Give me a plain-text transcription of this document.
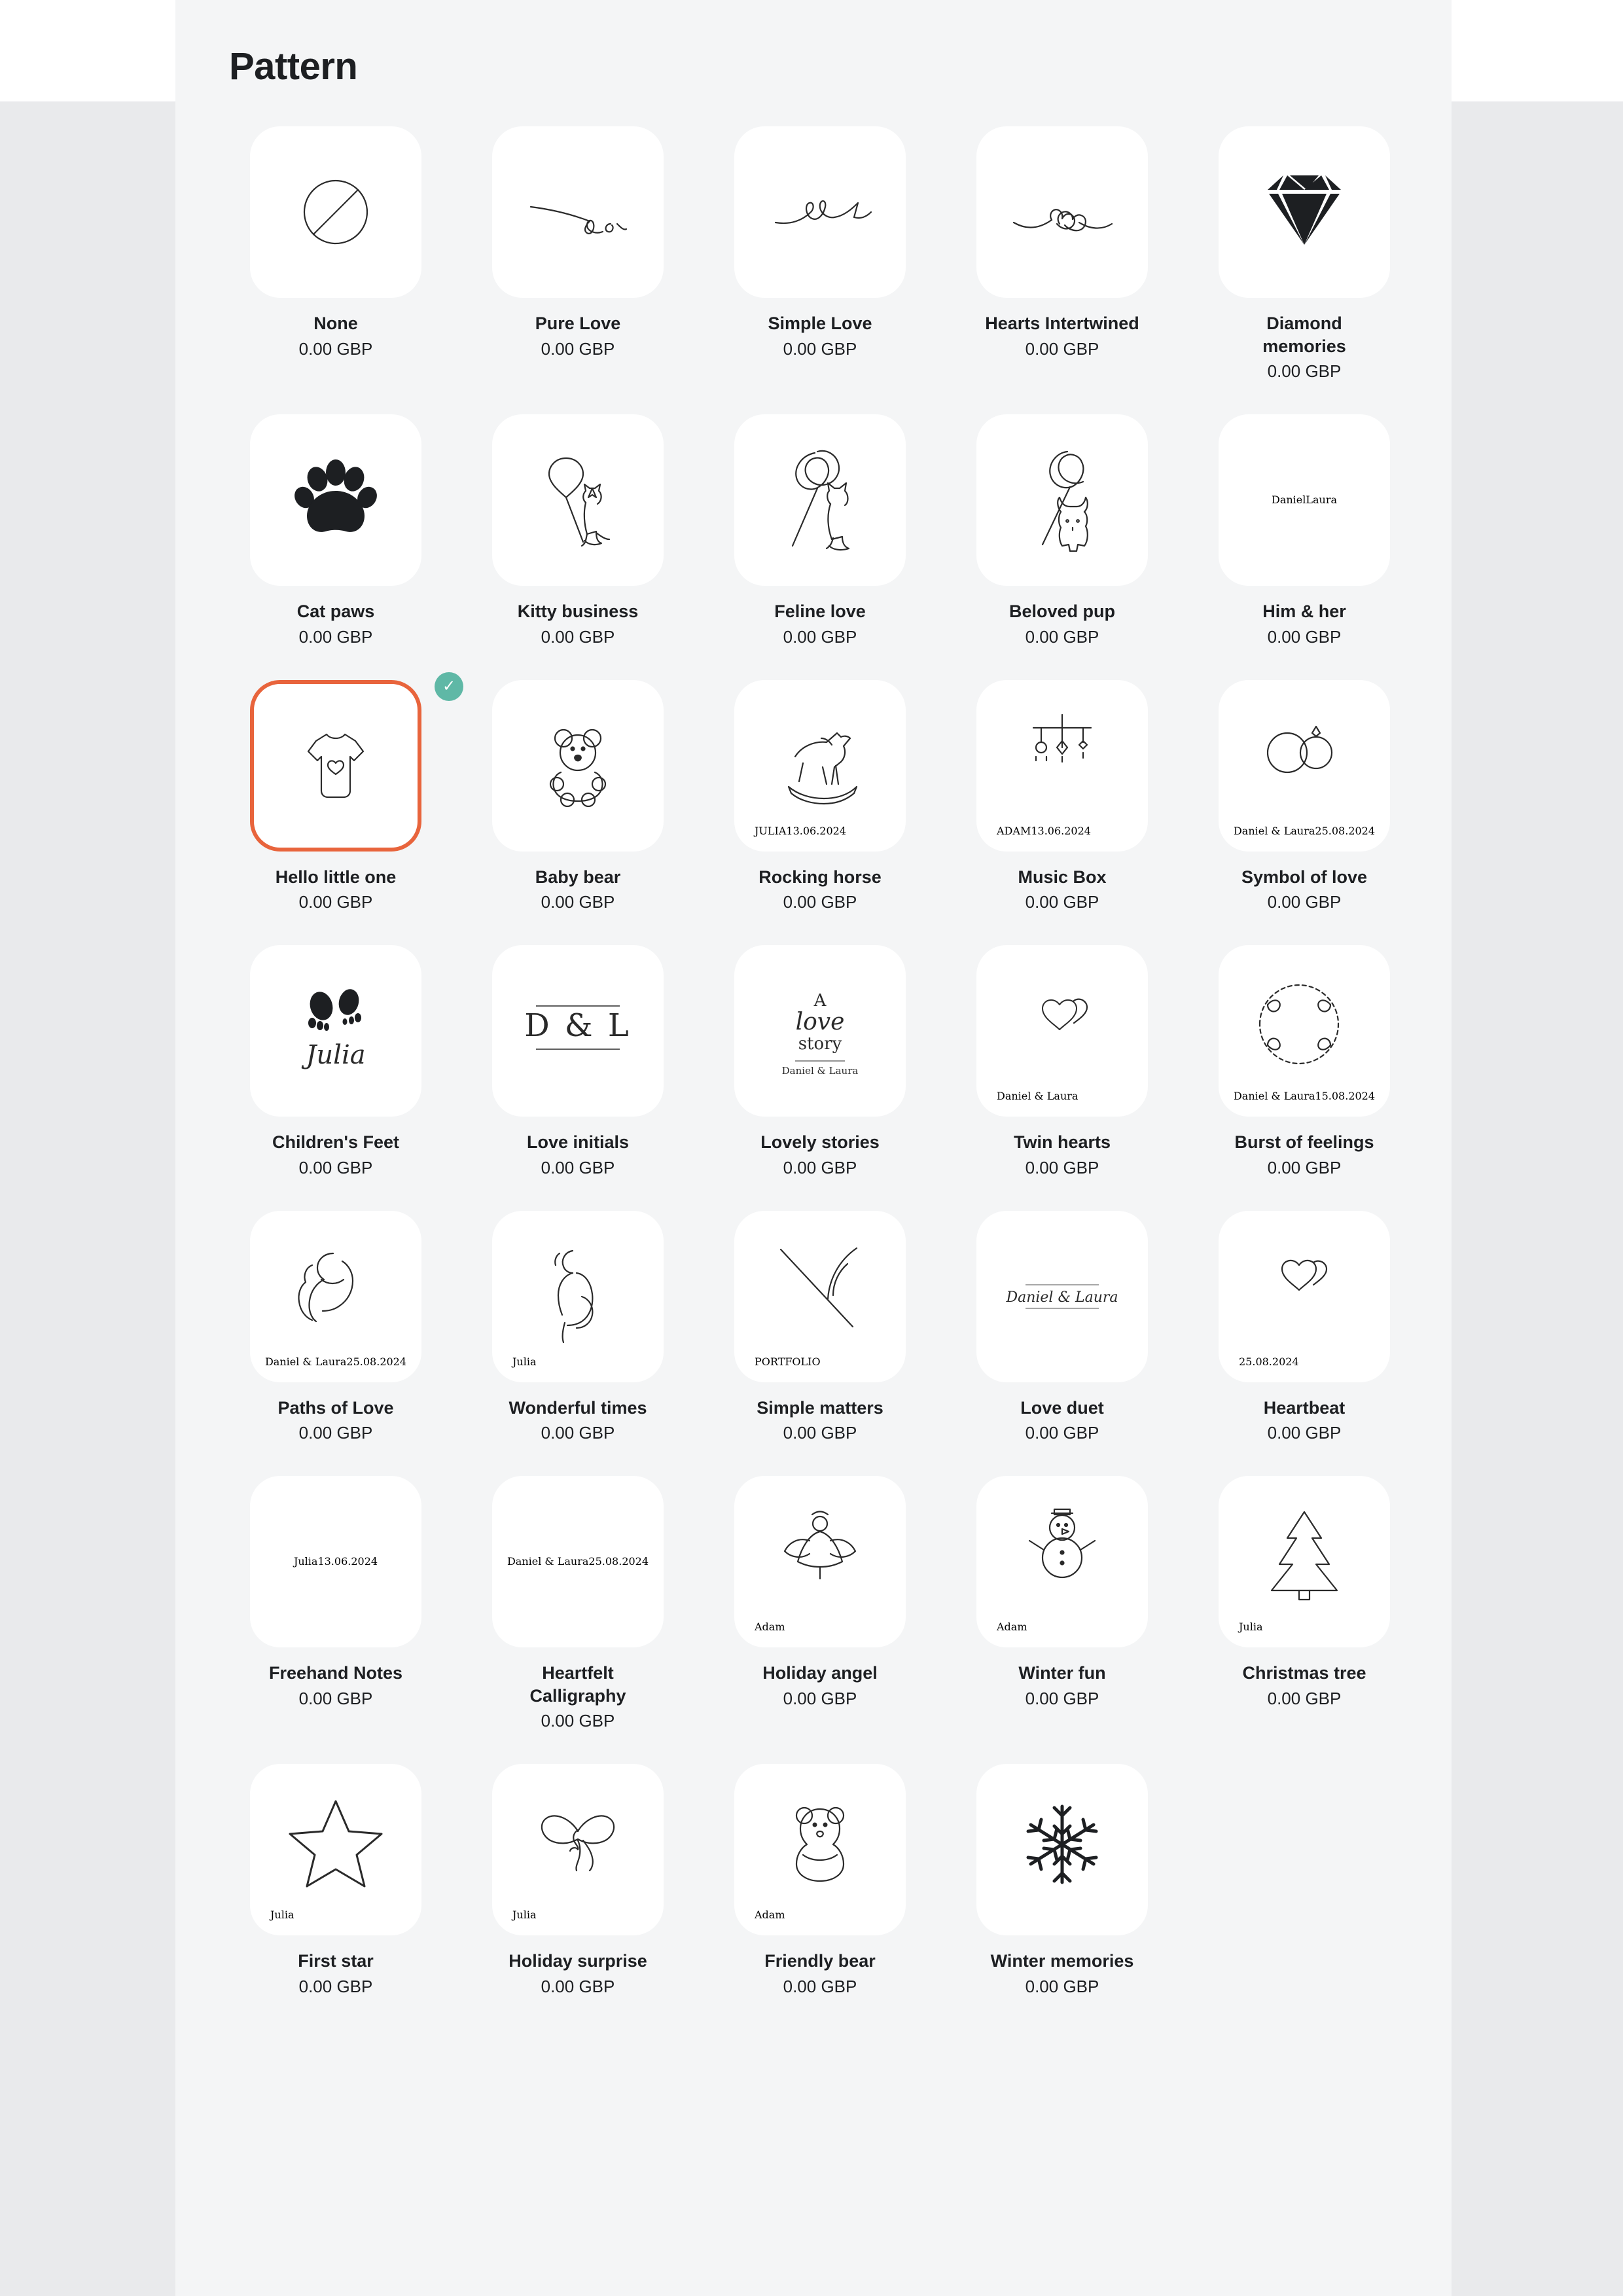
Pattern
None
0.00 GBP
Pure Love
0.00 GBP
Simple Love
0.00 GBP
Hearts Intertwined
0.00 GBP
Diamond memories
0.00 GBP
Cat paws
0.00 GBP
Kitty business
0.00 GBP
Feline love
0.00 GBP
Beloved pup
0.00 GBP
DanielLaura
Him & her
0.00 GBP
✓
Hello little one
0.00 GBP
Baby bear
0.00 GBP
JULIA13.06.2024
Rocking horse
0.00 GBP
ADAM13.06.2024
Music Box
0.00 GBP
Daniel & Laura25.08.2024
Symbol of love
0.00 GBP
Julia
Children's Feet
0.00 GBP
D & L
Love initials
0.00 GBP
A
love
story
Daniel & Laura
Lovely stories
0.00 GBP
Daniel & Laura
Twin hearts
0.00 GBP
Daniel & Laura15.08.2024
Burst of feelings
0.00 GBP
Daniel & Laura25.08.2024
Paths of Love
0.00 GBP
Julia
Wonderful times
0.00 GBP
PORTFOLIO
Simple matters
0.00 GBP
Daniel & Laura
Love duet
0.00 GBP
25.08.2024
Heartbeat
0.00 GBP
Julia13.06.2024
Freehand Notes
0.00 GBP
Daniel & Laura25.08.2024
Heartfelt Calligraphy
0.00 GBP
Adam
Holiday angel
0.00 GBP
Adam
Winter fun
0.00 GBP
Julia
Christmas tree
0.00 GBP
Julia
First star
0.00 GBP
Julia
Holiday surprise
0.00 GBP
Adam
Friendly bear
0.00 GBP
Winter memories
0.00 GBP
